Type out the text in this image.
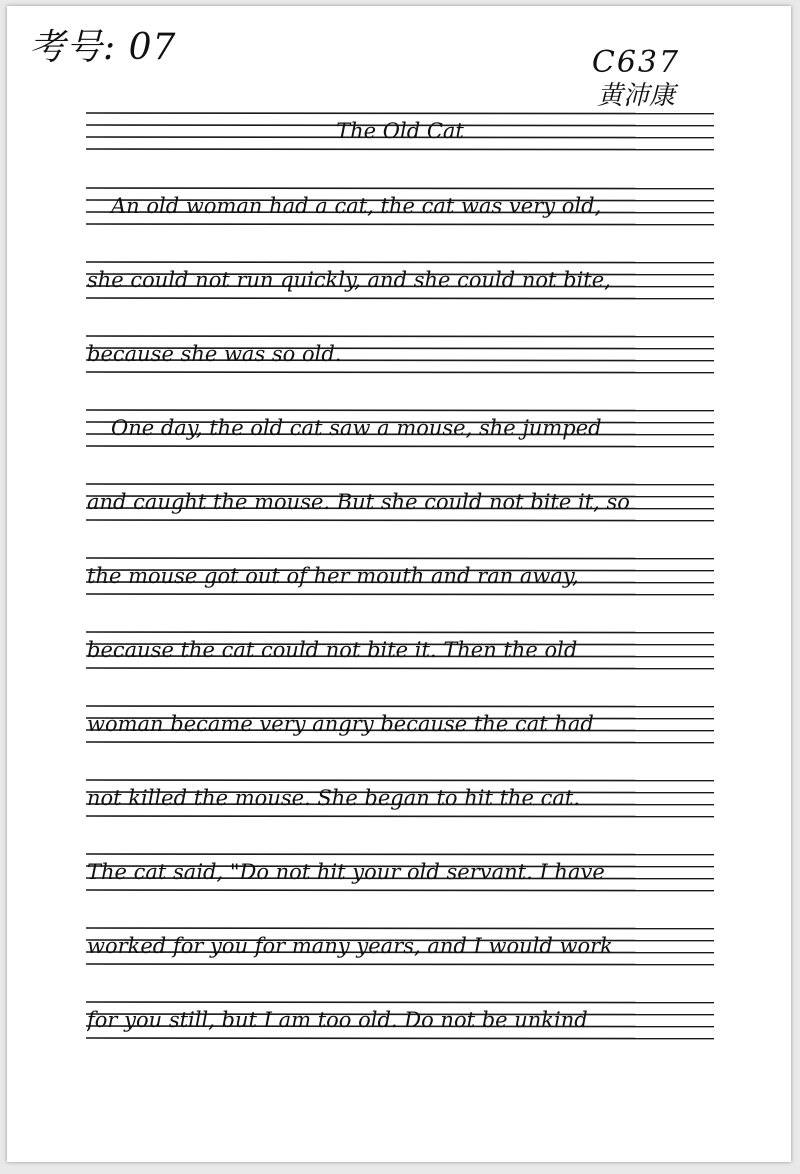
考号: 07	C637
黄沛康
The Old Cat
An old woman had a cat, the cat was very old,
she could not run quickly, and she could not bite,
because she was so old.
One day, the old cat saw a mouse, she jumped
and caught the mouse. But she could not bite it, so
the mouse got out of her mouth and ran away,
because the cat could not bite it. Then the old
woman became very angry because the cat had
not killed the mouse. She began to hit the cat.
The cat said, "Do not hit your old servant. I have
worked for you for many years, and I would work
for you still, but I am too old. Do not be unkind
